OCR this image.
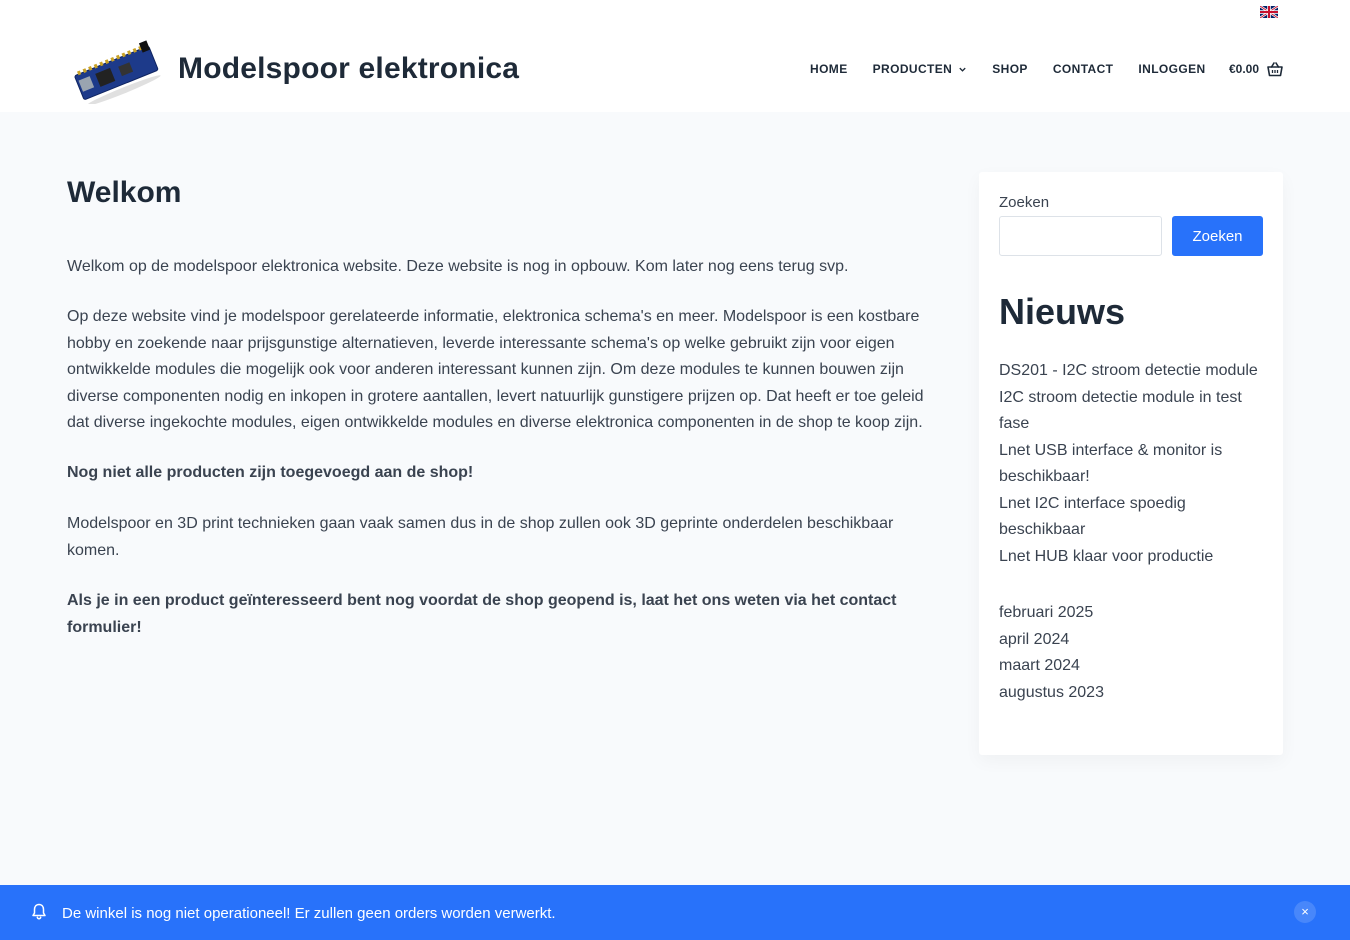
Modelspoor elektronica	HOME PRODUCTEN	SHOP CONTACT INLOGGEN €0.00
Welkom

Welkom op de modelspoor elektronica website. Deze website is nog in opbouw. Kom later nog eens terug svp.

Op deze website vind je modelspoor gerelateerde informatie, elektronica schema's en meer. Modelspoor is een kostbare hobby en zoekende naar prijsgunstige alternatieven, leverde interessante schema's op welke gebruikt zijn voor eigen ontwikkelde modules die mogelijk ook voor anderen interessant kunnen zijn. Om deze modules te kunnen bouwen zijn diverse componenten nodig en inkopen in grotere aantallen, levert natuurlijk gunstigere prijzen op. Dat heeft er toe geleid dat diverse ingekochte modules, eigen ontwikkelde modules en diverse elektronica componenten in de shop te koop zijn.

Nog niet alle producten zijn toegevoegd aan de shop!

Modelspoor en 3D print technieken gaan vaak samen dus in de shop zullen ook 3D geprinte onderdelen beschikbaar komen.

Als je in een product geïnteresseerd bent nog voordat de shop geopend is, laat het ons weten via het contact formulier!

Zoeken
Zoeken
Nieuws
DS201 - I2C stroom detectie module
I2C stroom detectie module in test fase
Lnet USB interface & monitor is beschikbaar!
Lnet I2C interface spoedig beschikbaar
Lnet HUB klaar voor productie
februari 2025
april 2024
maart 2024
augustus 2023
De winkel is nog niet operationeel! Er zullen geen orders worden verwerkt.	×
